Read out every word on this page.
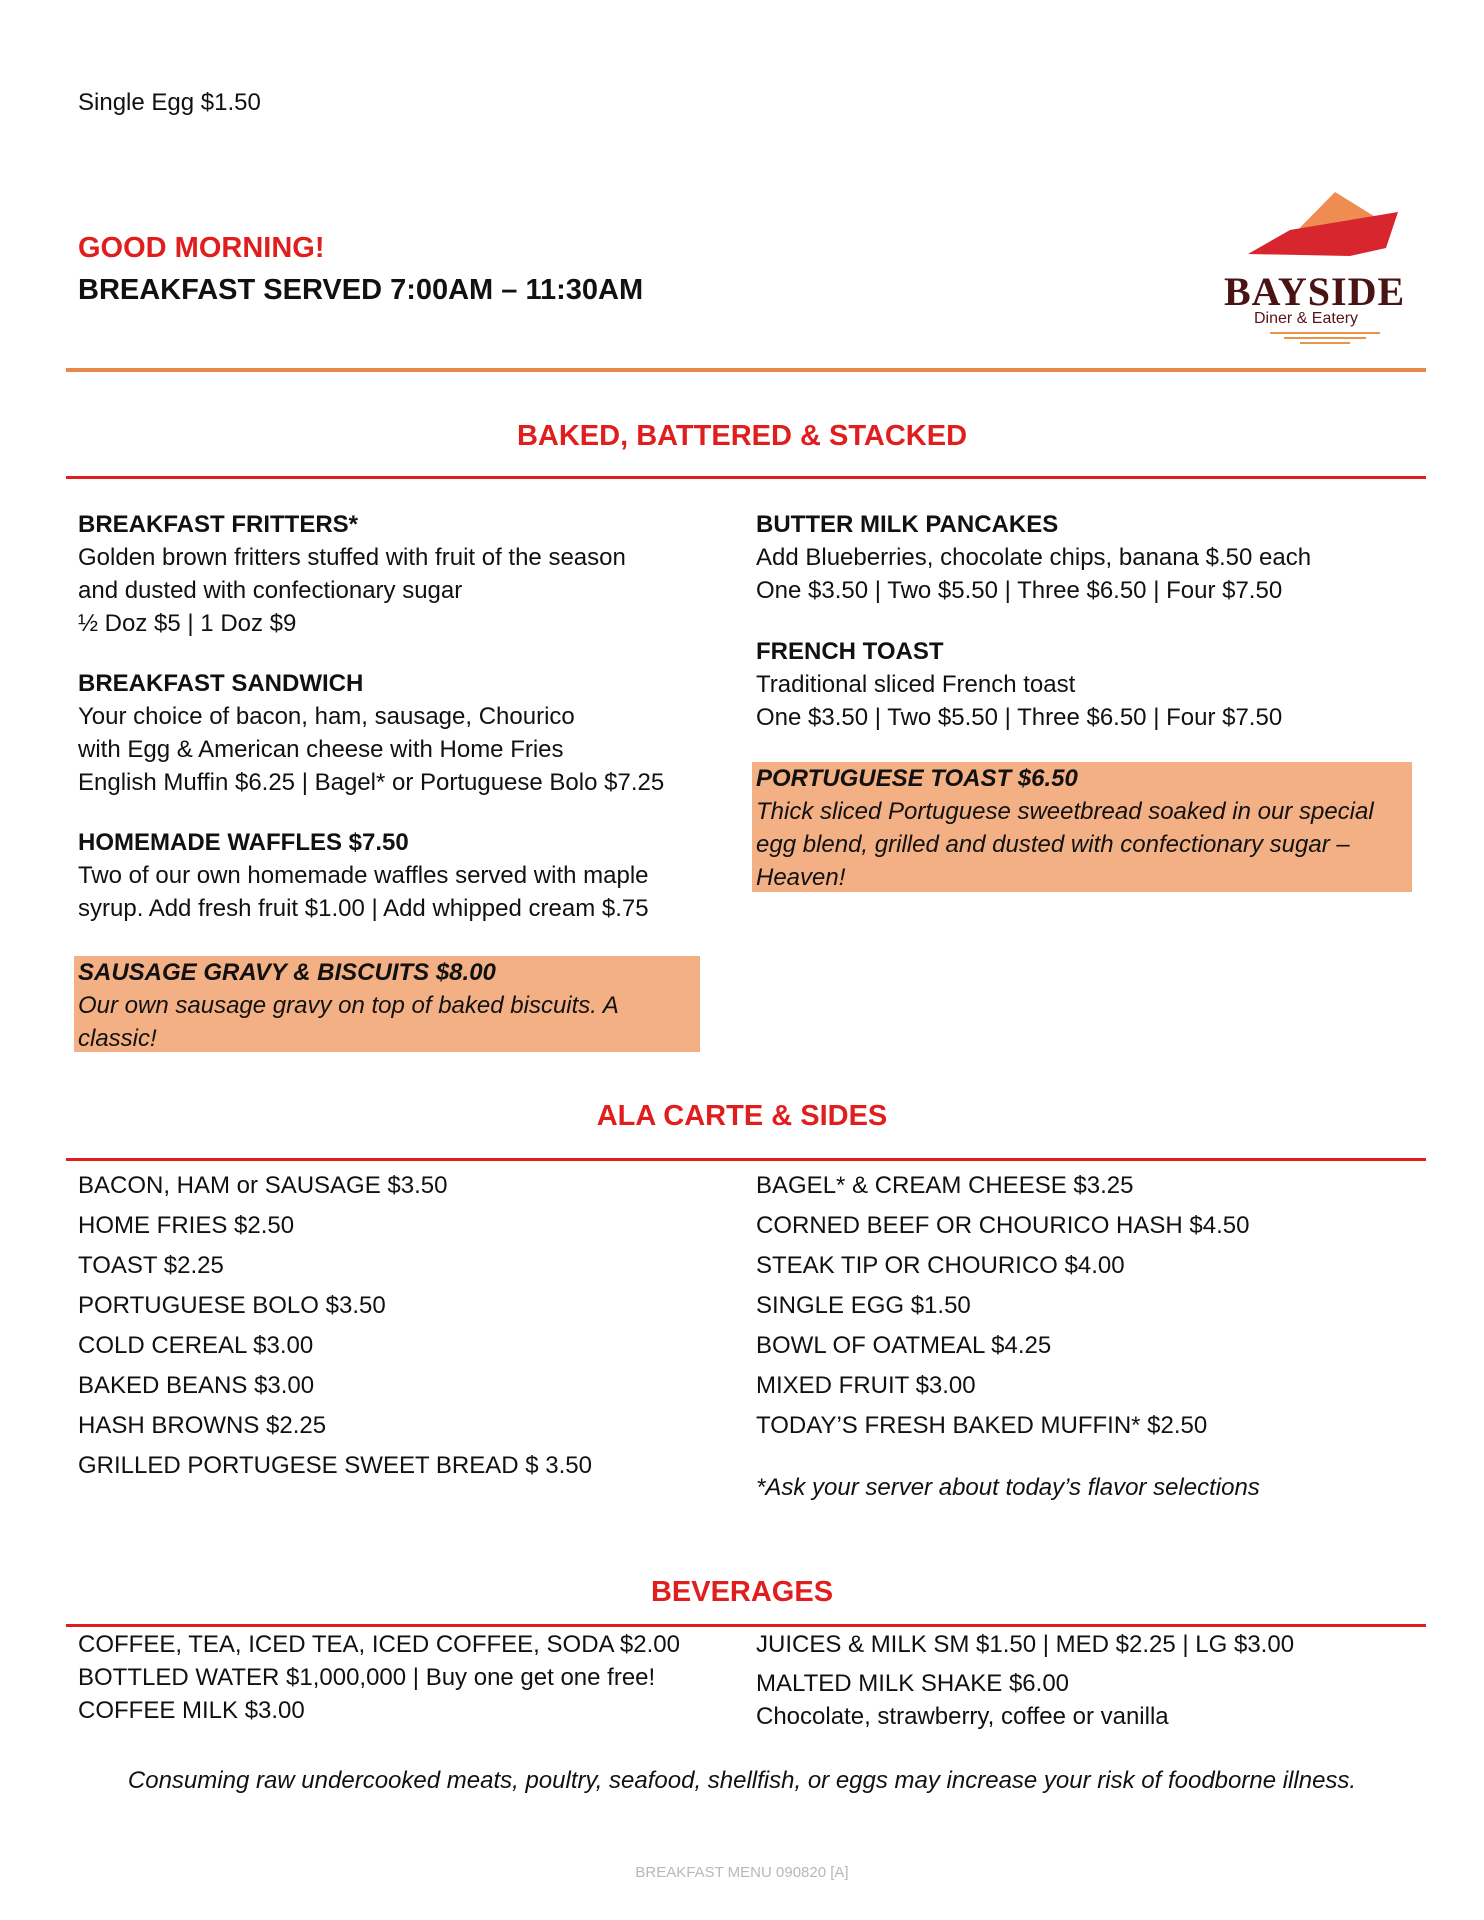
Single Egg $1.50
GOOD MORNING!
BREAKFAST SERVED 7:00AM – 11:30AM	BAYSIDE
Diner & Eatery
BAKED, BATTERED & STACKED
BREAKFAST FRITTERS*
Golden brown fritters stuffed with fruit of the season
and dusted with confectionary sugar
½ Doz $5 | 1 Doz $9
BREAKFAST SANDWICH
Your choice of bacon, ham, sausage, Chourico
with Egg & American cheese with Home Fries
English Muffin $6.25 | Bagel* or Portuguese Bolo $7.25
HOMEMADE WAFFLES $7.50
Two of our own homemade waffles served with maple
syrup. Add fresh fruit $1.00 | Add whipped cream $.75
SAUSAGE GRAVY & BISCUITS $8.00
Our own sausage gravy on top of baked biscuits. A
classic!
BUTTER MILK PANCAKES
Add Blueberries, chocolate chips, banana $.50 each
One $3.50 | Two $5.50 | Three $6.50 | Four $7.50
FRENCH TOAST
Traditional sliced French toast
One $3.50 | Two $5.50 | Three $6.50 | Four $7.50
PORTUGUESE TOAST $6.50
Thick sliced Portuguese sweetbread soaked in our special
egg blend, grilled and dusted with confectionary sugar –
Heaven!
ALA CARTE & SIDES
BACON, HAM or SAUSAGE $3.50
HOME FRIES $2.50
TOAST $2.25
PORTUGUESE BOLO $3.50
COLD CEREAL $3.00
BAKED BEANS $3.00
HASH BROWNS $2.25
GRILLED PORTUGESE SWEET BREAD $ 3.50
BAGEL* & CREAM CHEESE $3.25
CORNED BEEF OR CHOURICO HASH $4.50
STEAK TIP OR CHOURICO $4.00
SINGLE EGG $1.50
BOWL OF OATMEAL $4.25
MIXED FRUIT $3.00
TODAY’S FRESH BAKED MUFFIN* $2.50
*Ask your server about today’s flavor selections
BEVERAGES
COFFEE, TEA, ICED TEA, ICED COFFEE, SODA $2.00
BOTTLED WATER $1,000,000 | Buy one get one free!
COFFEE MILK $3.00
JUICES & MILK SM $1.50 | MED $2.25 | LG $3.00
MALTED MILK SHAKE $6.00
Chocolate, strawberry, coffee or vanilla
Consuming raw undercooked meats, poultry, seafood, shellfish, or eggs may increase your risk of foodborne illness.
BREAKFAST MENU 090820 [A]
